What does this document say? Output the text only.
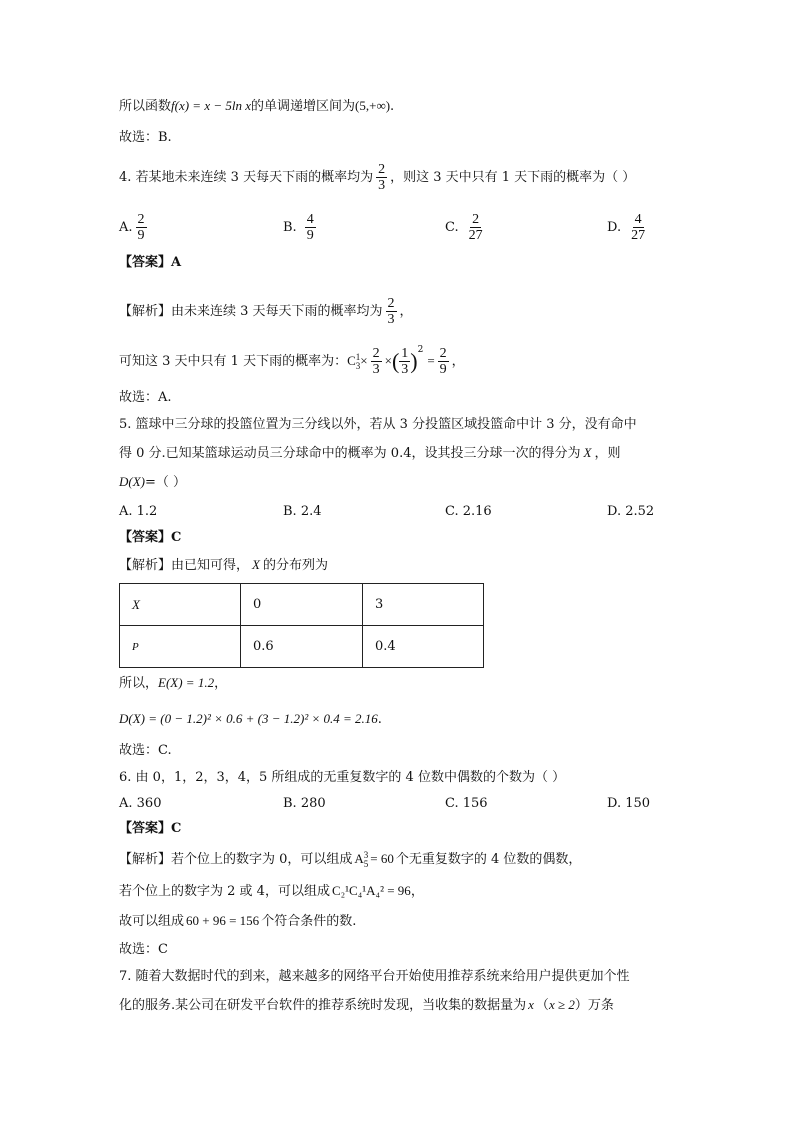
所以函数f(x) = x − 5ln x的单调递增区间为(5,+∞).
故选：B.
4. 若某地未来连续 3 天每天下雨的概率均为 $\frac{2}{3}$ ，则这 3 天中只有 1 天下雨的概率为（ ）
A. $\frac{2}{9}$	B. $\frac{4}{9}$	C. $\frac{2}{27}$	D. $\frac{4}{27}$
【答案】A
【解析】由未来连续 3 天每天下雨的概率均为 $\frac{2}{3}$ ，
可知这 3 天中只有 1 天下雨的概率为：C 1
$3 \times \frac{2}{3}$ ×( $\frac{1}{3} )^2= \frac{2}{9}$ ，
故选：A.
5. 篮球中三分球的投篮位置为三分线以外，若从 3 分投篮区域投篮命中计 3 分，没有命中
得 0 分.已知某篮球运动员三分球命中的概率为 0.4，设其投三分球一次的得分为 X ，则
D(X)=（ ）
A. 1.2	B. 2.4	C. 2.16	D. 2.52
【答案】C
【解析】由已知可得， X 的分布列为
X	0	3
P	0.6	0.4
所以，E(X) = 1.2，
D(X) = (0 − 1.2)² × 0.6 + (3 − 1.2)² × 0.4 = 2.16.
故选：C.
6. 由 0，1，2，3，4，5 所组成的无重复数字的 4 位数中偶数的个数为（ ）
A. 360	B. 280	C. 156	D. 150
【答案】C
【解析】若个位上的数字为 0，可以组成 A 3
5 = 60 个无重复数字的 4 位数的偶数，
若个位上的数字为 2 或 4，可以组成 C₂¹C₄¹A₄² = 96，
故可以组成 60 + 96 = 156 个符合条件的数.
故选：C
7. 随着大数据时代的到来，越来越多的网络平台开始使用推荐系统来给用户提供更加个性
化的服务.某公司在研发平台软件的推荐系统时发现，当收集的数据量为 x （x ≥ 2）万条
